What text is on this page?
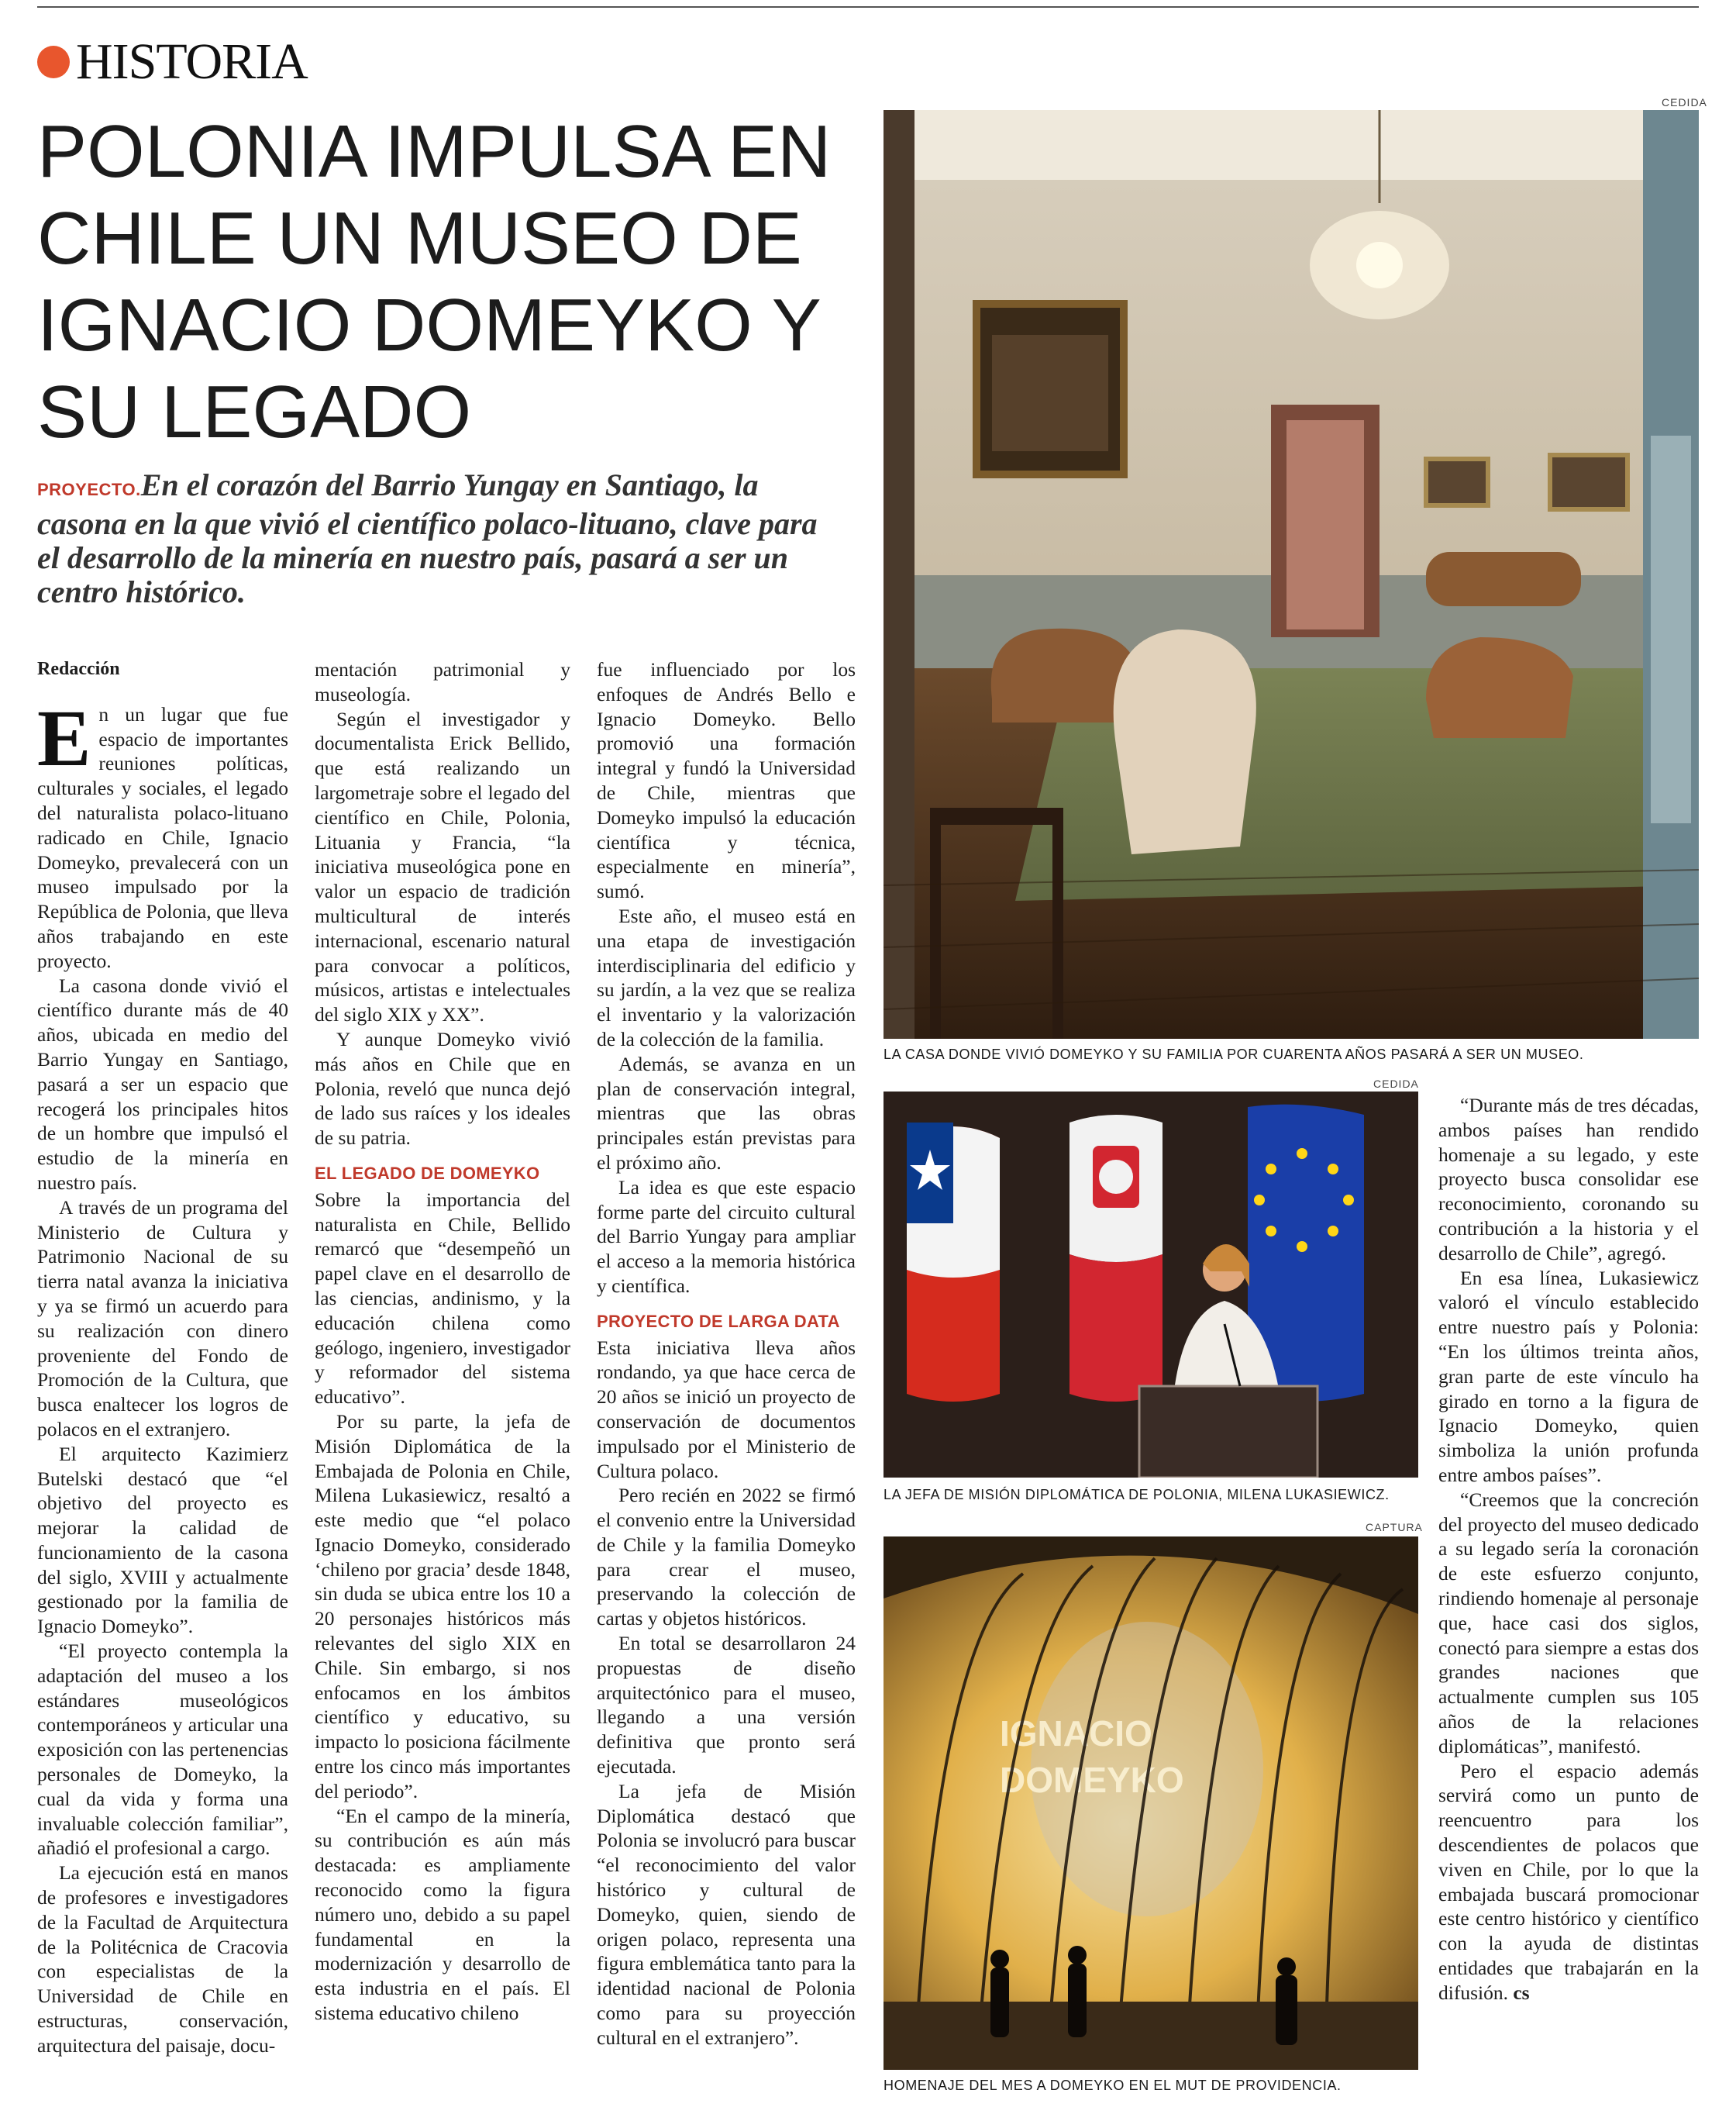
HISTORIA
POLONIA IMPULSA EN
CHILE UN MUSEO DE
IGNACIO DOMEYKO Y
SU LEGADO
PROYECTO.En el corazón del Barrio Yungay en Santiago, la casona en la que vivió el científico polaco-lituano, clave para el desarrollo de la minería en nuestro país, pasará a ser un centro histórico.
Redacción

En un lugar que fue espacio de importantes reuniones políticas, culturales y sociales, el legado del naturalista polaco-lituano radicado en Chile, Ignacio Domeyko, prevalecerá con un museo impulsado por la República de Polonia, que lleva años trabajando en este proyecto.

La casona donde vivió el científico durante más de 40 años, ubicada en medio del Barrio Yungay en Santiago, pasará a ser un espacio que recogerá los principales hitos de un hombre que impulsó el estudio de la minería en nuestro país.

A través de un programa del Ministerio de Cultura y Patrimonio Nacional de su tierra natal avanza la iniciativa y ya se firmó un acuerdo para su realización con dinero proveniente del Fondo de Promoción de la Cultura, que busca enaltecer los logros de polacos en el extranjero.

El arquitecto Kazimierz Butelski destacó que “el objetivo del proyecto es mejorar la calidad de funcionamiento de la casona del siglo, XVIII y actualmente gestionado por la familia de Ignacio Domeyko”.

“El proyecto contempla la adaptación del museo a los estándares museológicos contemporáneos y articular una exposición con las pertenencias personales de Domeyko, la cual da vida y forma una invaluable colección familiar”, añadió el profesional a cargo.

La ejecución está en manos de profesores e investigadores de la Facultad de Arquitectura de la Politécnica de Cracovia con especialistas de la Universidad de Chile en estructuras, conservación, arquitectura del paisaje, docu-

mentación patrimonial y museología.

Según el investigador y documentalista Erick Bellido, que está realizando un largometraje sobre el legado del científico en Chile, Polonia, Lituania y Francia, “la iniciativa museológica pone en valor un espacio de tradición multicultural de interés internacional, escenario natural para convocar a políticos, músicos, artistas e intelectuales del siglo XIX y XX”.

Y aunque Domeyko vivió más años en Chile que en Polonia, reveló que nunca dejó de lado sus raíces y los ideales de su patria.

EL LEGADO DE DOMEYKO

Sobre la importancia del naturalista en Chile, Bellido remarcó que “desempeñó un papel clave en el desarrollo de las ciencias, andinismo, y la educación chilena como geólogo, ingeniero, investigador y reformador del sistema educativo”.

Por su parte, la jefa de Misión Diplomática de la Embajada de Polonia en Chile, Milena Lukasiewicz, resaltó a este medio que “el polaco Ignacio Domeyko, considerado ‘chileno por gracia’ desde 1848, sin duda se ubica entre los 10 a 20 personajes históricos más relevantes del siglo XIX en Chile. Sin embargo, si nos enfocamos en los ámbitos científico y educativo, su impacto lo posiciona fácilmente entre los cinco más importantes del periodo”.

“En el campo de la minería, su contribución es aún más destacada: es ampliamente reconocido como la figura número uno, debido a su papel fundamental en la modernización y desarrollo de esta industria en el país. El sistema educativo chileno

fue influenciado por los enfoques de Andrés Bello e Ignacio Domeyko. Bello promovió una formación integral y fundó la Universidad de Chile, mientras que Domeyko impulsó la educación científica y técnica, especialmente en minería”, sumó.

Este año, el museo está en una etapa de investigación interdisciplinaria del edificio y su jardín, a la vez que se realiza el inventario y la valorización de la colección de la familia.

Además, se avanza en un plan de conservación integral, mientras que las obras principales están previstas para el próximo año.

La idea es que este espacio forme parte del circuito cultural del Barrio Yungay para ampliar el acceso a la memoria histórica y científica.

PROYECTO DE LARGA DATA

Esta iniciativa lleva años rondando, ya que hace cerca de 20 años se inició un proyecto de conservación de documentos impulsado por el Ministerio de Cultura polaco.

Pero recién en 2022 se firmó el convenio entre la Universidad de Chile y la familia Domeyko para crear el museo, preservando la colección de cartas y objetos históricos.

En total se desarrollaron 24 propuestas de diseño arquitectónico para el museo, llegando a una versión definitiva que pronto será ejecutada.

La jefa de Misión Diplomática destacó que Polonia se involucró para buscar “el reconocimiento del valor histórico y cultural de Domeyko, quien, siendo de origen polaco, representa una figura emblemática tanto para la identidad nacional de Polonia como para su proyección cultural en el extranjero”.

“Durante más de tres décadas, ambos países han rendido homenaje a su legado, y este proyecto busca consolidar ese reconocimiento, coronando su contribución a la historia y el desarrollo de Chile”, agregó.

En esa línea, Lukasiewicz valoró el vínculo establecido entre nuestro país y Polonia: “En los últimos treinta años, gran parte de este vínculo ha girado en torno a la figura de Ignacio Domeyko, quien simboliza la unión profunda entre ambos países”.

“Creemos que la concreción del proyecto del museo dedicado a su legado sería la coronación de este esfuerzo conjunto, rindiendo homenaje al personaje que, hace casi dos siglos, conectó para siempre a estas dos grandes naciones que actualmente cumplen sus 105 años de la relaciones diplomáticas”, manifestó.

Pero el espacio además servirá como un punto de reencuentro para los descendientes de polacos que viven en Chile, por lo que la embajada buscará promocionar este centro histórico y científico con la ayuda de distintas entidades que trabajarán en la difusión. cs

CEDIDA
LA CASA DONDE VIVIÓ DOMEYKO Y SU FAMILIA POR CUARENTA AÑOS PASARÁ A SER UN MUSEO.
CEDIDA
LA JEFA DE MISIÓN DIPLOMÁTICA DE POLONIA, MILENA LUKASIEWICZ.
CAPTURA
IGNACIO
DOMEYKO
HOMENAJE DEL MES A DOMEYKO EN EL MUT DE PROVIDENCIA.
